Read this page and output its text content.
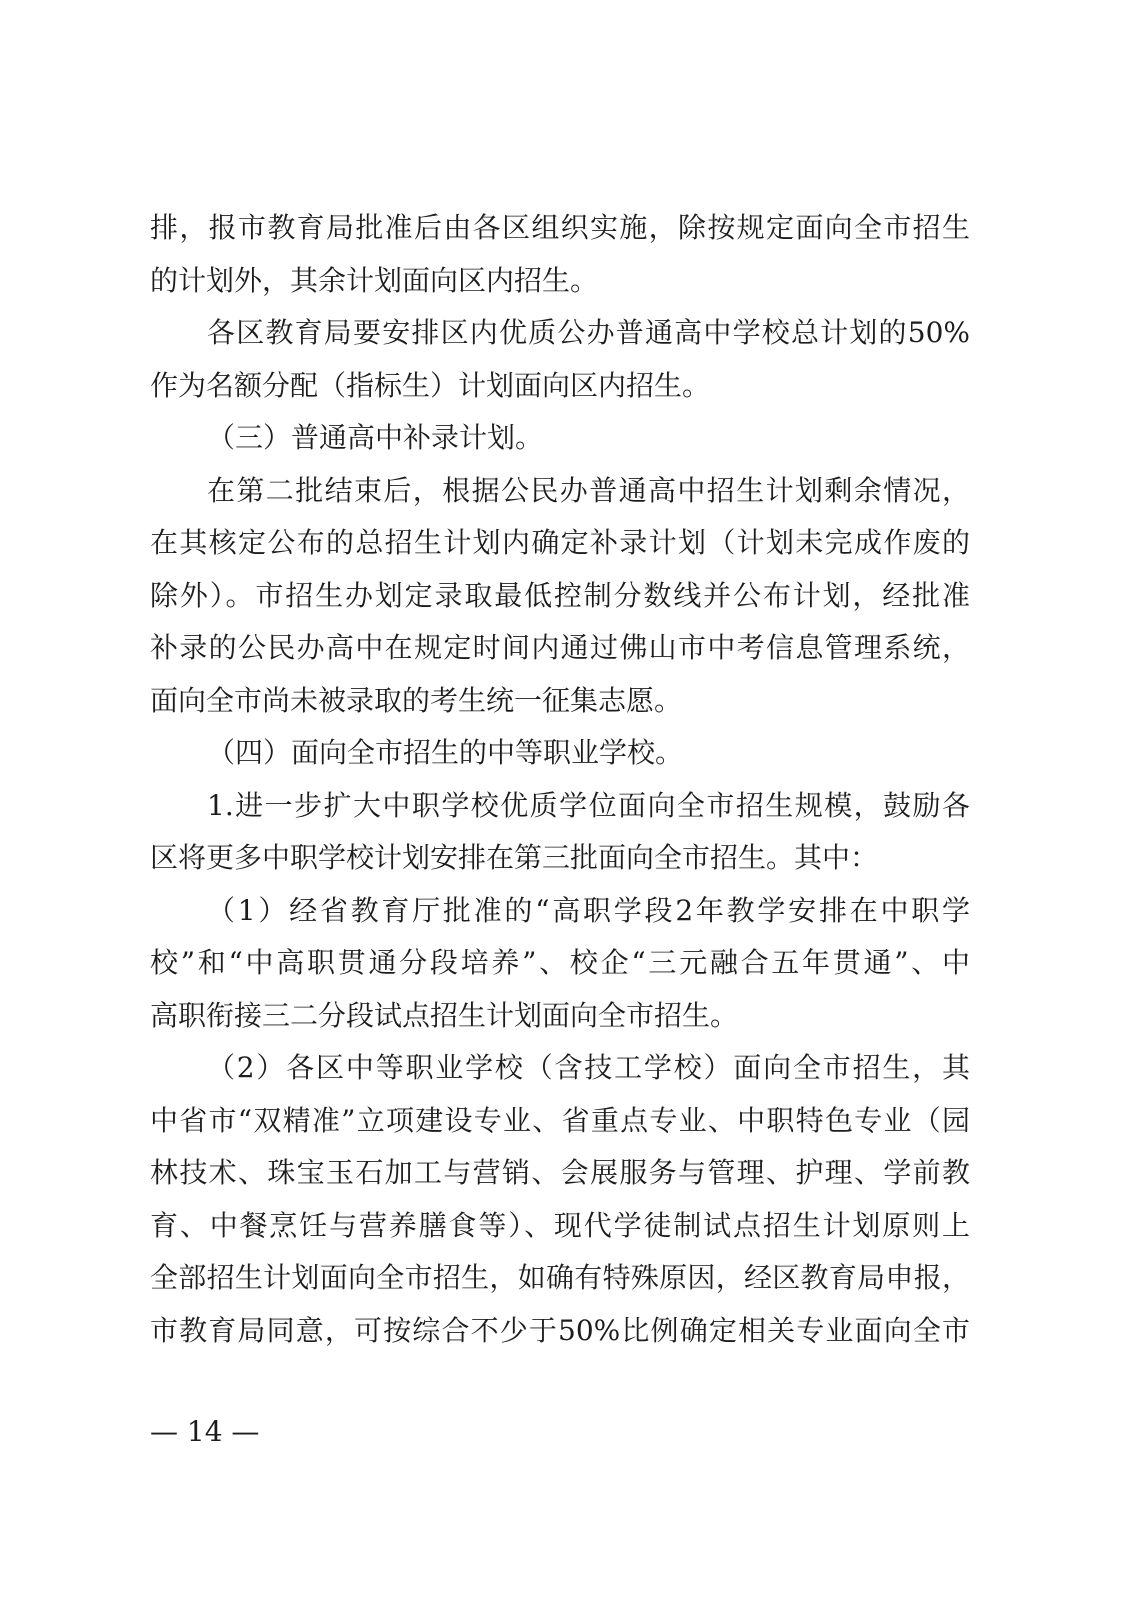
排，报市教育局批准后由各区组织实施，除按规定面向全市招生
的计划外，其余计划面向区内招生。
各区教育局要安排区内优质公办普通高中学校总计划的50%
作为名额分配（指标生）计划面向区内招生。
（三）普通高中补录计划。
在第二批结束后，根据公民办普通高中招生计划剩余情况，
在其核定公布的总招生计划内确定补录计划（计划未完成作废的
除外）。市招生办划定录取最低控制分数线并公布计划，经批准
补录的公民办高中在规定时间内通过佛山市中考信息管理系统，
面向全市尚未被录取的考生统一征集志愿。
（四）面向全市招生的中等职业学校。
1.进一步扩大中职学校优质学位面向全市招生规模，鼓励各
区将更多中职学校计划安排在第三批面向全市招生。其中：
（1）经省教育厅批准的“高职学段2年教学安排在中职学
校”和“中高职贯通分段培养”、校企“三元融合五年贯通”、中
高职衔接三二分段试点招生计划面向全市招生。
（2）各区中等职业学校（含技工学校）面向全市招生，其
中省市“双精准”立项建设专业、省重点专业、中职特色专业（园
林技术、珠宝玉石加工与营销、会展服务与管理、护理、学前教
育、中餐烹饪与营养膳食等）、现代学徒制试点招生计划原则上
全部招生计划面向全市招生，如确有特殊原因，经区教育局申报，
市教育局同意，可按综合不少于50%比例确定相关专业面向全市
— 14 —
